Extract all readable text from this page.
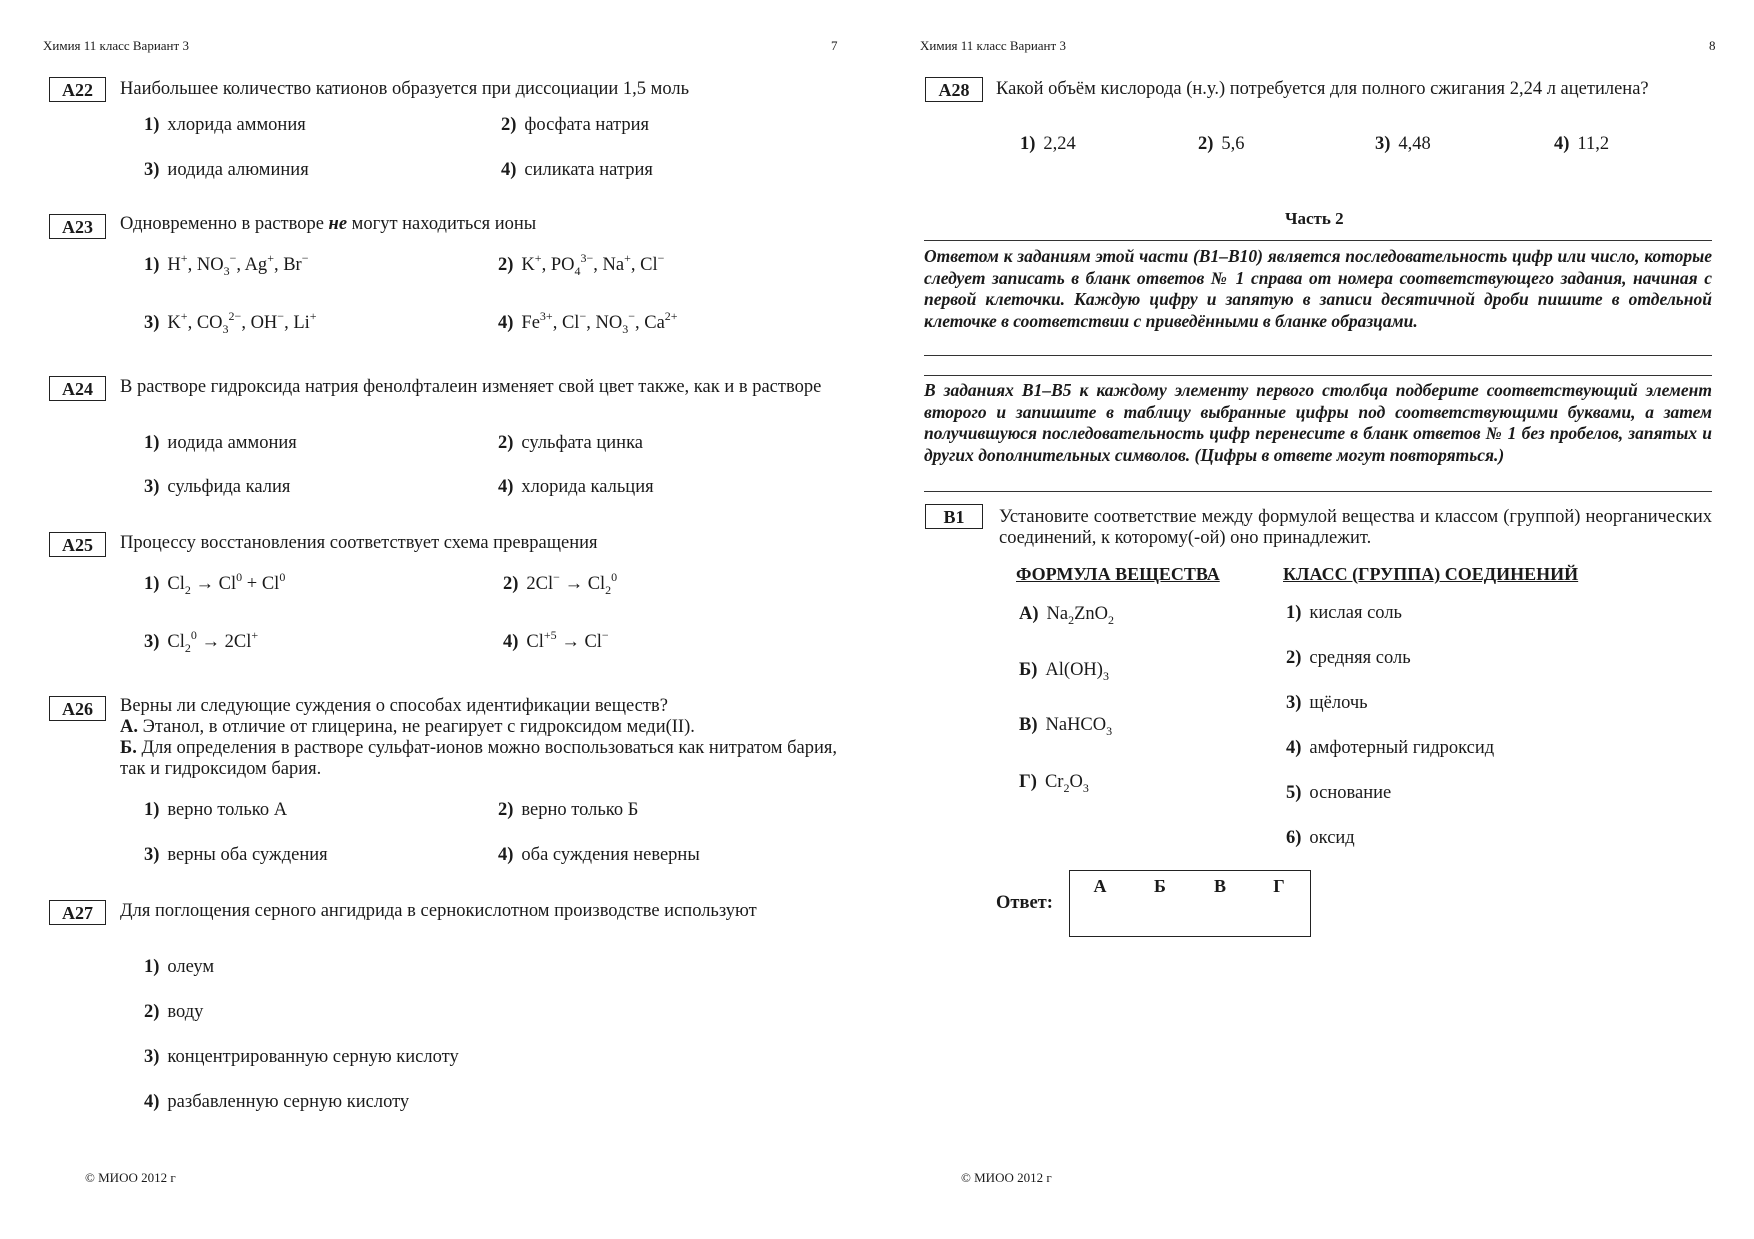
Химия 11 класс Вариант 3	7
A22	Наибольшее количество катионов образуется при диссоциации 1,5 моль
1) хлорида аммония	2) фосфата натрия
3) иодида алюминия	4) силиката натрия
A23	Одновременно в растворе не могут находиться ионы
1) H+, $NO_3^-$, Ag+, Br−	2) K+, $PO_4^{3-}$, Na+, Cl−
3) K+, $CO_3^{2-}$, OH−, Li+	4) $Fe^{3+}$, Cl−, $NO_3^-$, $Ca^{2+}$
A24	В растворе гидроксида натрия фенолфталеин изменяет свой цвет также, как и в растворе
1) иодида аммония	2) сульфата цинка
3) сульфида калия	4) хлорида кальция
A25	Процессу восстановления соответствует схема превращения
1) $Cl_2 \to Cl^0 + Cl^0$	2) $2Cl^- \to Cl_2^0$
3) $Cl_2^0 \to 2Cl^+$	4) $Cl^{+5} \to Cl^-$
A26	Верны ли следующие суждения о способах идентификации веществ?
А. Этанол, в отличие от глицерина, не реагирует с гидроксидом меди(II).
Б. Для определения в растворе сульфат-ионов можно воспользоваться как нитратом бария, так и гидроксидом бария.
1) верно только А	2) верно только Б
3) верны оба суждения	4) оба суждения неверны
A27	Для поглощения серного ангидрида в сернокислотном производстве используют
1) олеум
2) воду
3) концентрированную серную кислоту
4) разбавленную серную кислоту
© МИОО 2012 г
Химия 11 класс Вариант 3	8
A28	Какой объём кислорода (н.у.) потребуется для полного сжигания 2,24 л ацетилена?
1) 2,24	2) 5,6	3) 4,48	4) 11,2
Часть 2
Ответом к заданиям этой части (В1–В10) является последовательность цифр или число, которые следует записать в бланк ответов № 1 справа от номера соответствующего задания, начиная с первой клеточки. Каждую цифру и запятую в записи десятичной дроби пишите в отдельной клеточке в соответствии с приведёнными в бланке образцами.
В заданиях В1–В5 к каждому элементу первого столбца подберите соответствующий элемент второго и запишите в таблицу выбранные цифры под соответствующими буквами, а затем получившуюся последовательность цифр перенесите в бланк ответов № 1 без пробелов, запятых и других дополнительных символов. (Цифры в ответе могут повторяться.)
B1	Установите соответствие между формулой вещества и классом (группой) неорганических соединений, к которому(-ой) оно принадлежит.
ФОРМУЛА ВЕЩЕСТВА	КЛАСС (ГРУППА) СОЕДИНЕНИЙ
А) $Na_2ZnO_2$
Б) $Al(OH)_3$
В) NaHCO$_3$
Г) $Cr_2O_3$
1) кислая соль
2) средняя соль
3) щёлочь
4) амфотерный гидроксид
5) основание
6) оксид
Ответ:
А	Б	В	Г
© МИОО 2012 г
